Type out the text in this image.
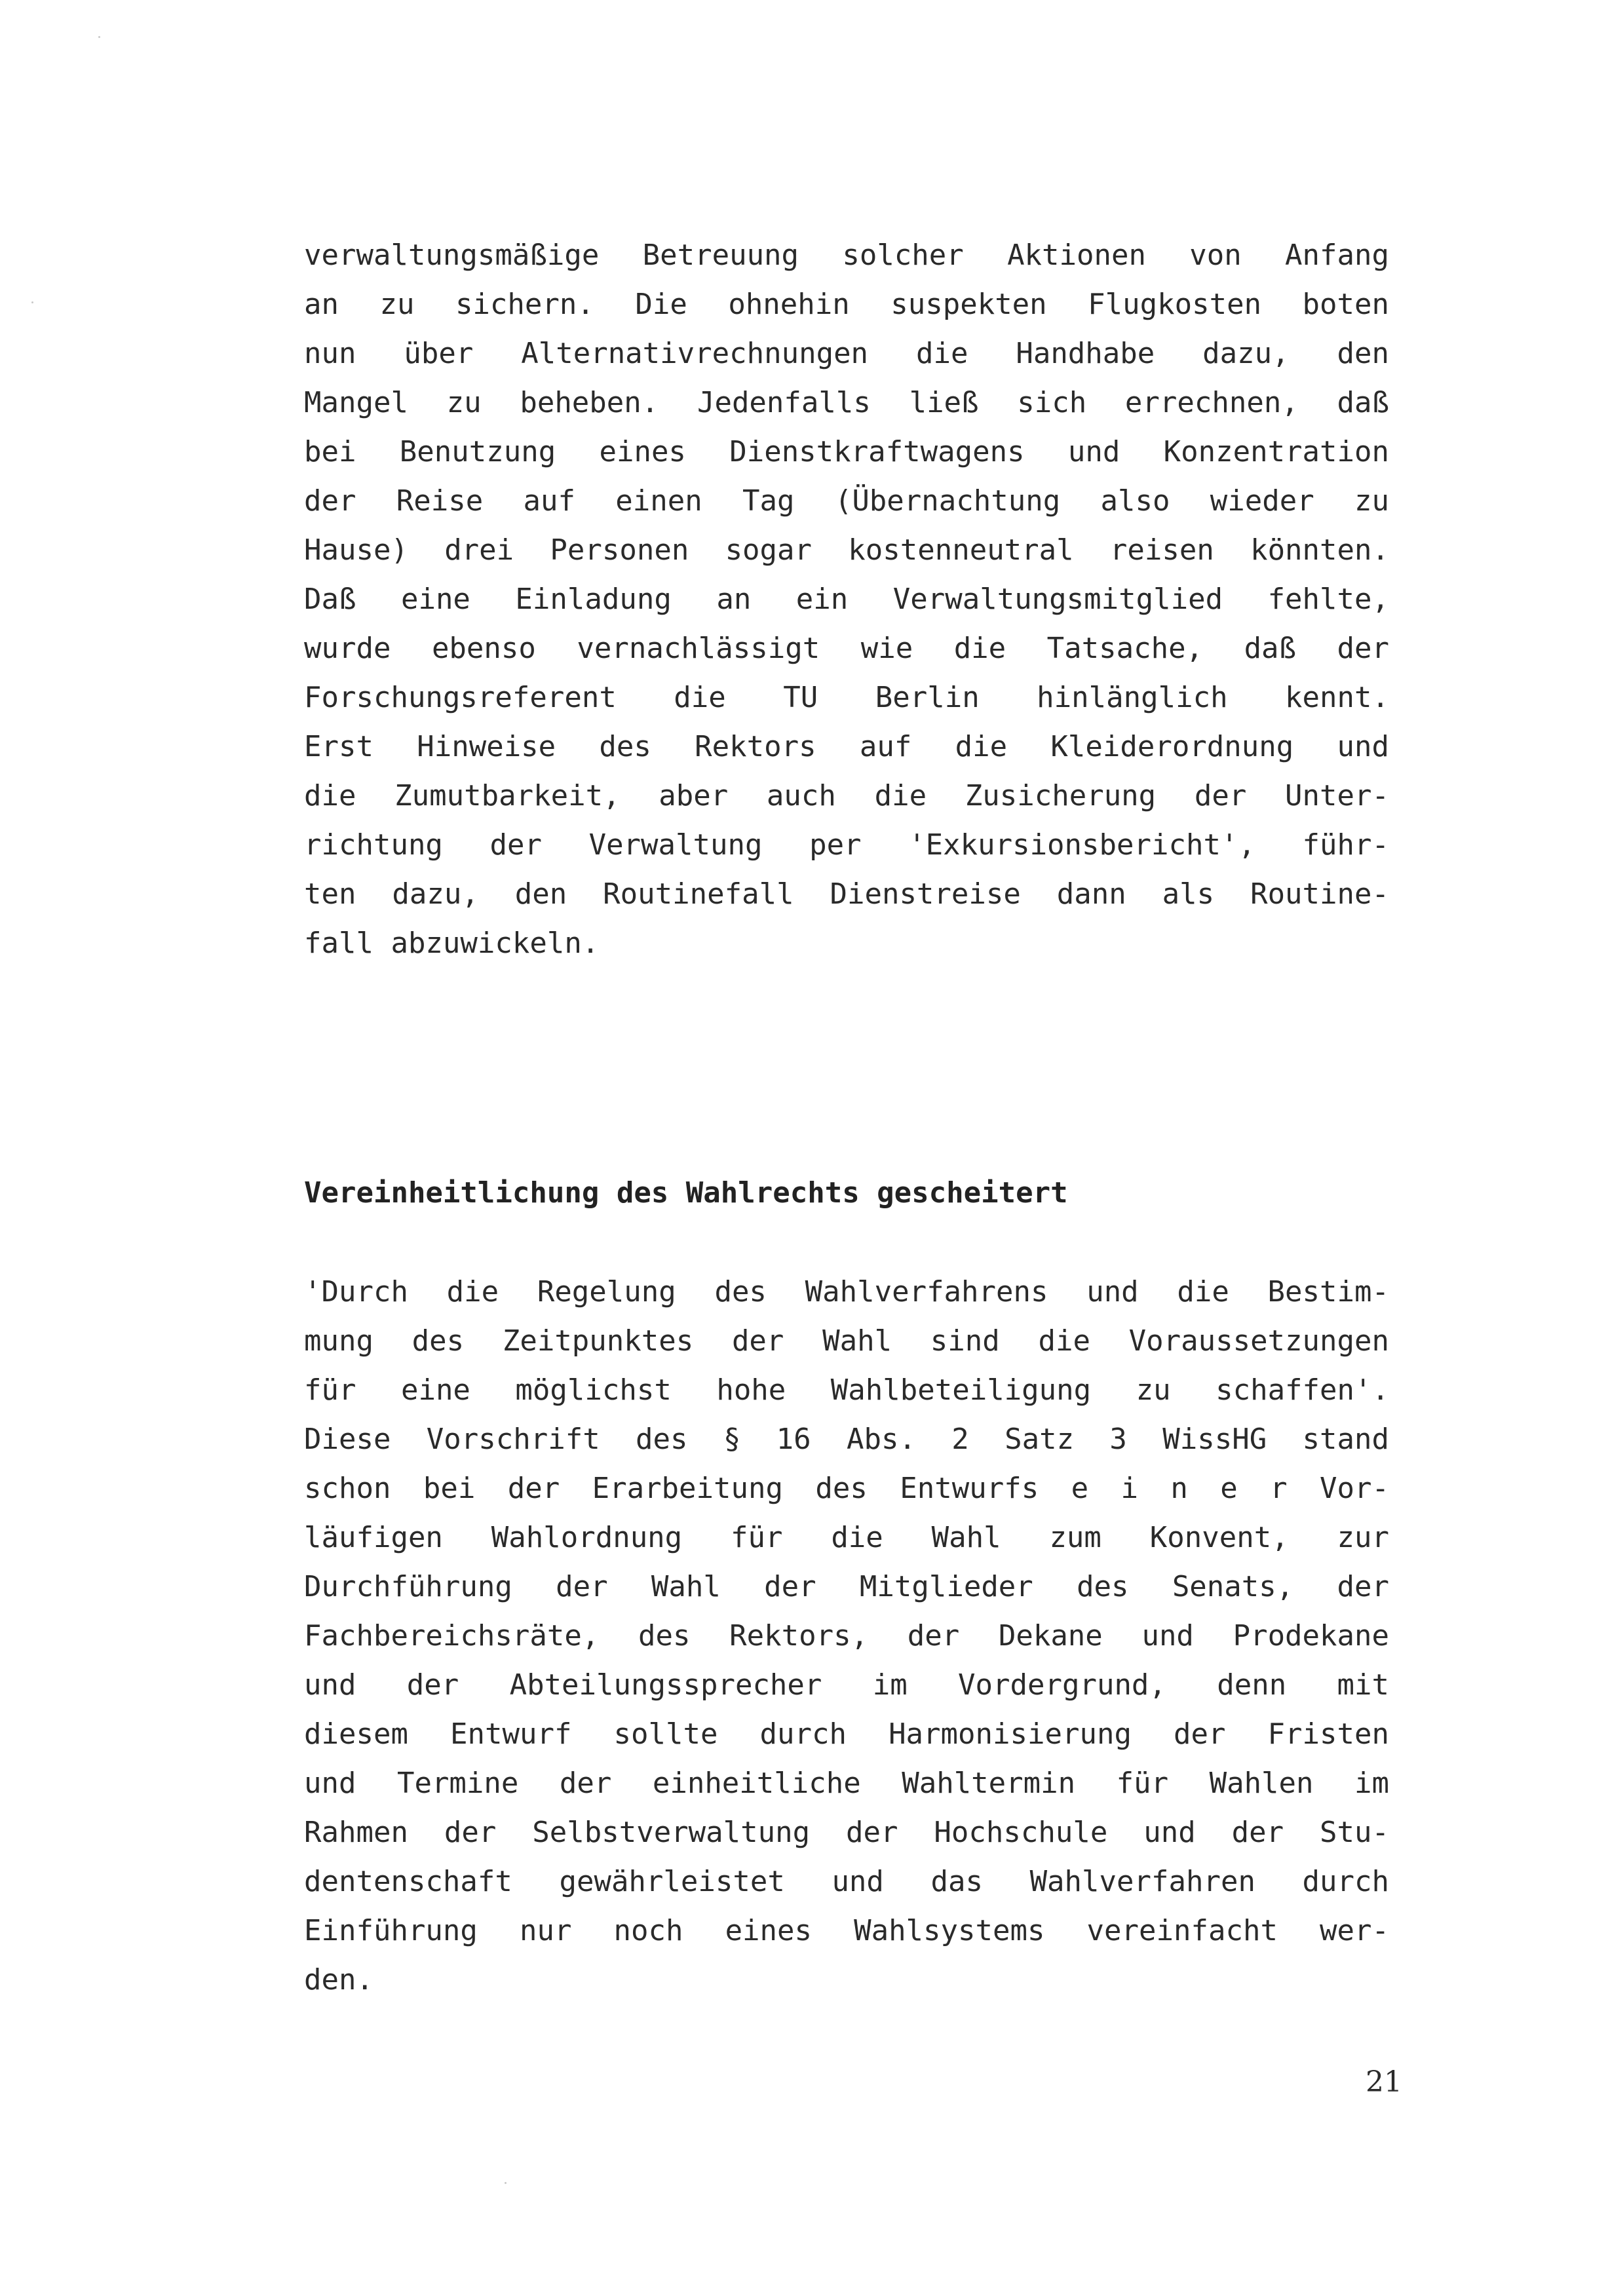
verwaltungsmäßige Betreuung solcher Aktionen von Anfang
an zu sichern. Die ohnehin suspekten Flugkosten boten
nun über Alternativrechnungen die Handhabe dazu, den
Mangel zu beheben. Jedenfalls ließ sich errechnen, daß
bei Benutzung eines Dienstkraftwagens und Konzentration
der Reise auf einen Tag (Übernachtung also wieder zu
Hause) drei Personen sogar kostenneutral reisen könnten.
Daß eine Einladung an ein Verwaltungsmitglied fehlte,
wurde ebenso vernachlässigt wie die Tatsache, daß der
Forschungsreferent die TU Berlin hinlänglich kennt.
Erst Hinweise des Rektors auf die Kleiderordnung und
die Zumutbarkeit, aber auch die Zusicherung der Unter-
richtung der Verwaltung per 'Exkursionsbericht', führ-
ten dazu, den Routinefall Dienstreise dann als Routine-
fall abzuwickeln.
Vereinheitlichung des Wahlrechts gescheitert
'Durch die Regelung des Wahlverfahrens und die Bestim-
mung des Zeitpunktes der Wahl sind die Voraussetzungen
für eine möglichst hohe Wahlbeteiligung zu schaffen'.
Diese Vorschrift des § 16 Abs. 2 Satz 3 WissHG stand
schon bei der Erarbeitung des Entwurfs e i n e r Vor-
läufigen Wahlordnung für die Wahl zum Konvent, zur
Durchführung der Wahl der Mitglieder des Senats, der
Fachbereichsräte, des Rektors, der Dekane und Prodekane
und der Abteilungssprecher im Vordergrund, denn mit
diesem Entwurf sollte durch Harmonisierung der Fristen
und Termine der einheitliche Wahltermin für Wahlen im
Rahmen der Selbstverwaltung der Hochschule und der Stu-
dentenschaft gewährleistet und das Wahlverfahren durch
Einführung nur noch eines Wahlsystems vereinfacht wer-
den.
21
